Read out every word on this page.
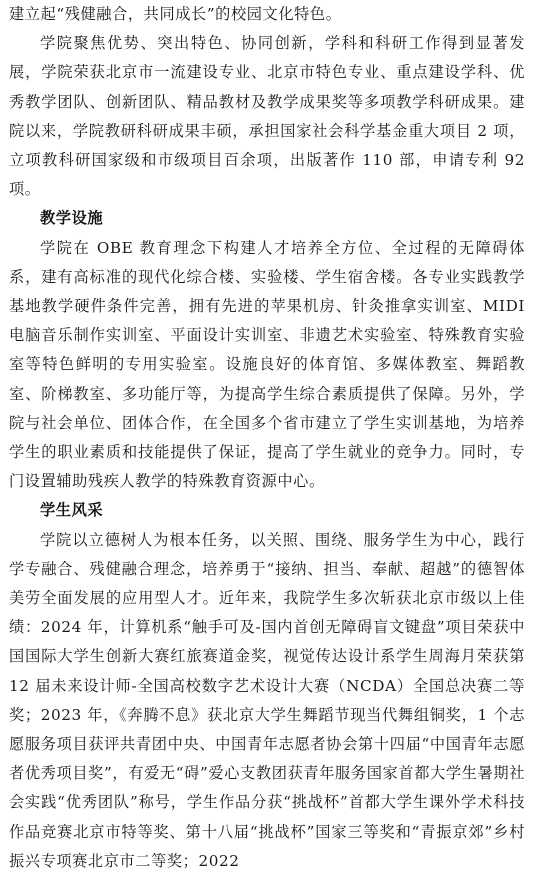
建立起“残健融合，共同成长”的校园文化特色。

学院聚焦优势、突出特色、协同创新，学科和科研工作得到显著发展，学院荣获北京市一流建设专业、北京市特色专业、重点建设学科、优秀教学团队、创新团队、精品教材及教学成果奖等多项教学科研成果。建院以来，学院教研科研成果丰硕，承担国家社会科学基金重大项目 2 项，立项教科研国家级和市级项目百余项，出版著作 110 部，申请专利 92 项。

教学设施

学院在 OBE 教育理念下构建人才培养全方位、全过程的无障碍体系，建有高标准的现代化综合楼、实验楼、学生宿舍楼。各专业实践教学基地教学硬件条件完善，拥有先进的苹果机房、针灸推拿实训室、MIDI 电脑音乐制作实训室、平面设计实训室、非遗艺术实验室、特殊教育实验室等特色鲜明的专用实验室。设施良好的体育馆、多媒体教室、舞蹈教室、阶梯教室、多功能厅等，为提高学生综合素质提供了保障。另外，学院与社会单位、团体合作，在全国多个省市建立了学生实训基地，为培养学生的职业素质和技能提供了保证，提高了学生就业的竞争力。同时，专门设置辅助残疾人教学的特殊教育资源中心。

学生风采

学院以立德树人为根本任务，以关照、围绕、服务学生为中心，践行学专融合、残健融合理念，培养勇于“接纳、担当、奉献、超越”的德智体美劳全面发展的应用型人才。近年来，我院学生多次斩获北京市级以上佳绩：2024 年，计算机系“触手可及-国内首创无障碍盲文键盘”项目荣获中国国际大学生创新大赛红旅赛道金奖，视觉传达设计系学生周海月荣获第 12 届未来设计师-全国高校数字艺术设计大赛（NCDA）全国总决赛二等奖；2023 年，《奔腾不息》获北京大学生舞蹈节现当代舞组铜奖，1 个志愿服务项目获评共青团中央、中国青年志愿者协会第十四届“中国青年志愿者优秀项目奖”，有爱无“碍”爱心支教团获青年服务国家首都大学生暑期社会实践“优秀团队”称号，学生作品分获“挑战杯”首都大学生课外学术科技作品竞赛北京市特等奖、第十八届“挑战杯”国家三等奖和“青振京郊”乡村振兴专项赛北京市二等奖；2022
